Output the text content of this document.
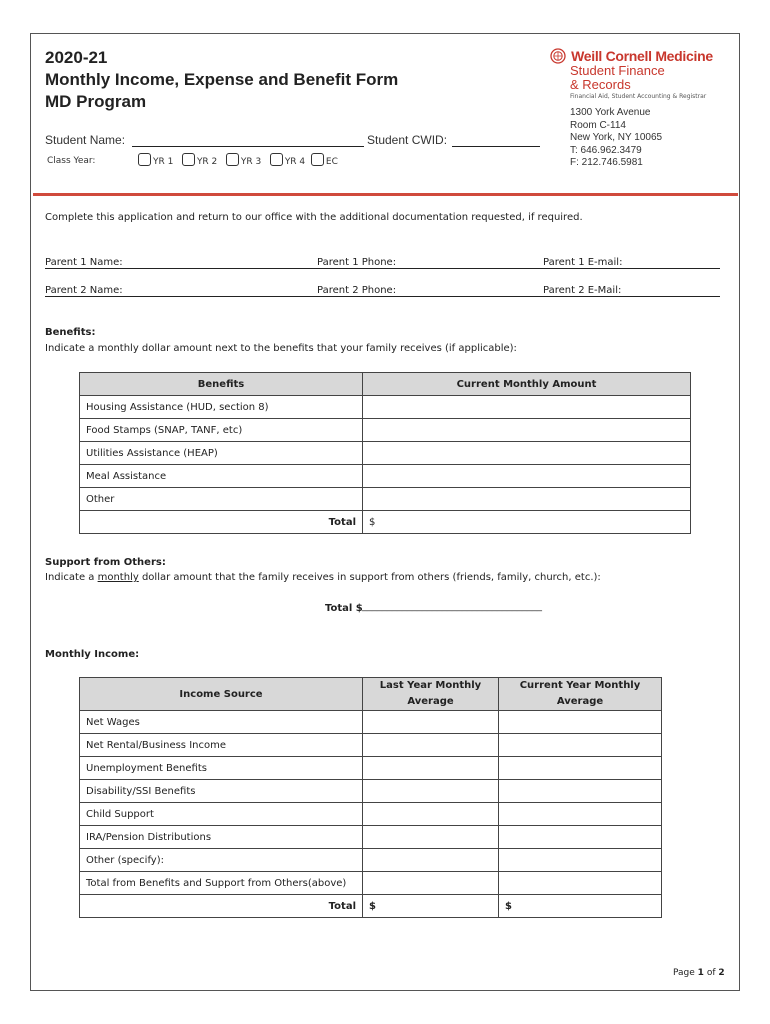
2020-21
Monthly Income, Expense and Benefit Form
MD Program
Student Name:	Student CWID:
Class Year:	YR 1	YR 2	YR 3	YR 4 EC
Weill Cornell Medicine
Student Finance
& Records
Financial Aid, Student Accounting & Registrar
1300 York Avenue
Room C-114
New York, NY 10065
T: 646.962.3479
F: 212.746.5981
Complete this application and return to our office with the additional documentation requested, if required.
Parent 1 Name:	Parent 1 Phone:	Parent 1 E-mail:
Parent 2 Name:	Parent 2 Phone:	Parent 2 E-Mail:
Benefits:
Indicate a monthly dollar amount next to the benefits that your family receives (if applicable):
Benefits	Current Monthly Amount
Housing Assistance (HUD, section 8)	
Food Stamps (SNAP, TANF, etc)	
Utilities Assistance (HEAP)	
Meal Assistance	
Other	
Total	$
Support from Others:
Indicate a monthly dollar amount that the family receives in support from others (friends, family, church, etc.):
Total $ ____________________________________
Monthly Income:
Income Source	Last Year Monthly Average	Current Year Monthly Average
Net Wages		
Net Rental/Business Income		
Unemployment Benefits		
Disability/SSI Benefits		
Child Support		
IRA/Pension Distributions		
Other (specify):		
Total from Benefits and Support from Others(above)		
Total	$	$
Page 1 of 2
